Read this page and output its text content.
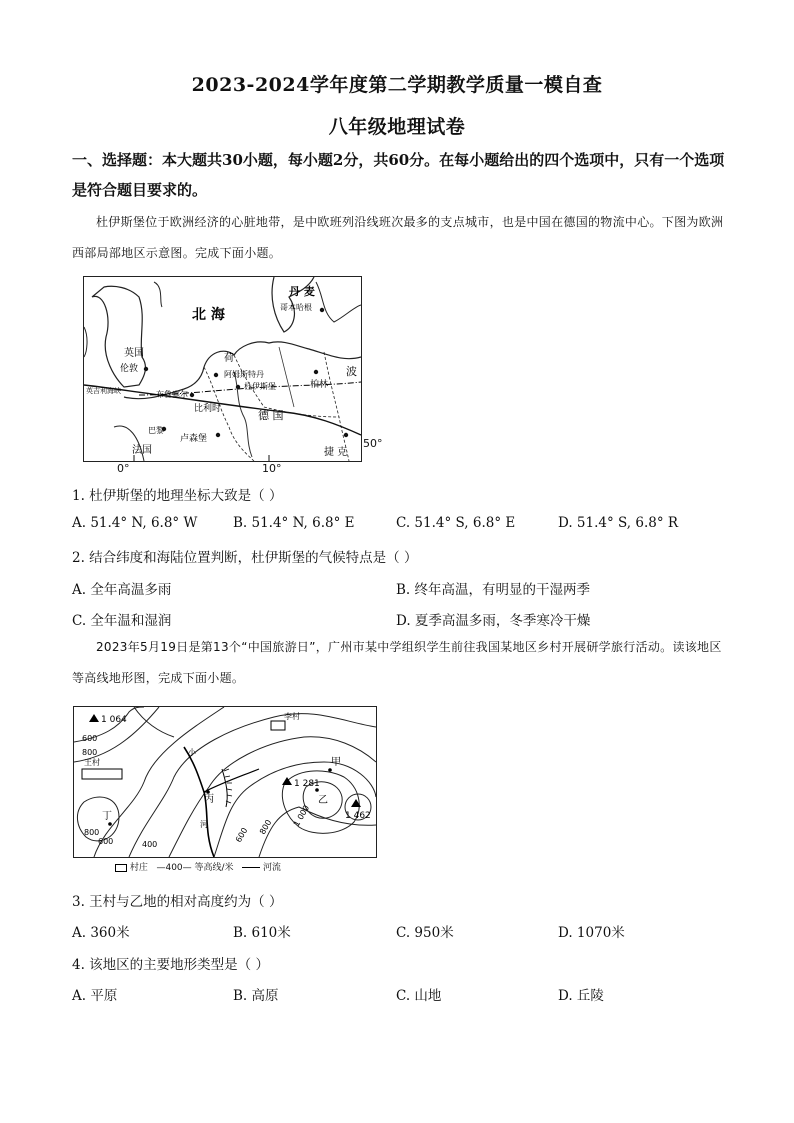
2023-2024学年度第二学期教学质量一模自查
八年级地理试卷
一、选择题：本大题共30小题，每小题2分，共60分。在每小题给出的四个选项中，只有一个选项是符合题目要求的。
杜伊斯堡位于欧洲经济的心脏地带，是中欧班列沿线班次最多的支点城市，也是中国在德国的物流中心。下图为欧洲西部局部地区示意图。完成下面小题。
北 海
丹 麦
哥本哈根
英国
伦敦
英吉利海峡
荷
阿姆斯特丹
布鲁塞尔
比利时
杜伊斯堡
巴黎
法国
卢森堡
德 国
柏林
波
捷 克
50°
0°	10°
1. 杜伊斯堡的地理坐标大致是（ ）
A. 51.4° N, 6.8° W	B. 51.4° N, 6.8° E	C. 51.4° S, 6.8° E	D. 51.4° S, 6.8° R
2. 结合纬度和海陆位置判断，杜伊斯堡的气候特点是（ ）
A. 全年高温多雨	B. 终年高温，有明显的干湿两季
C. 全年温和湿润	D. 夏季高温多雨，冬季寒冷干燥
2023年5月19日是第13个“中国旅游日”，广州市某中学组织学生前往我国某地区乡村开展研学旅行活动。读该地区等高线地形图，完成下面小题。
1 064
1 281
1 462
王村
李村
甲
乙
丙
丁
小
河
600
800
800
600	400
600 800 1 000
村庄 —400— 等高线/米	河流
3. 王村与乙地的相对高度约为（ ）
A. 360米	B. 610米	C. 950米	D. 1070米
4. 该地区的主要地形类型是（ ）
A. 平原	B. 高原	C. 山地	D. 丘陵
